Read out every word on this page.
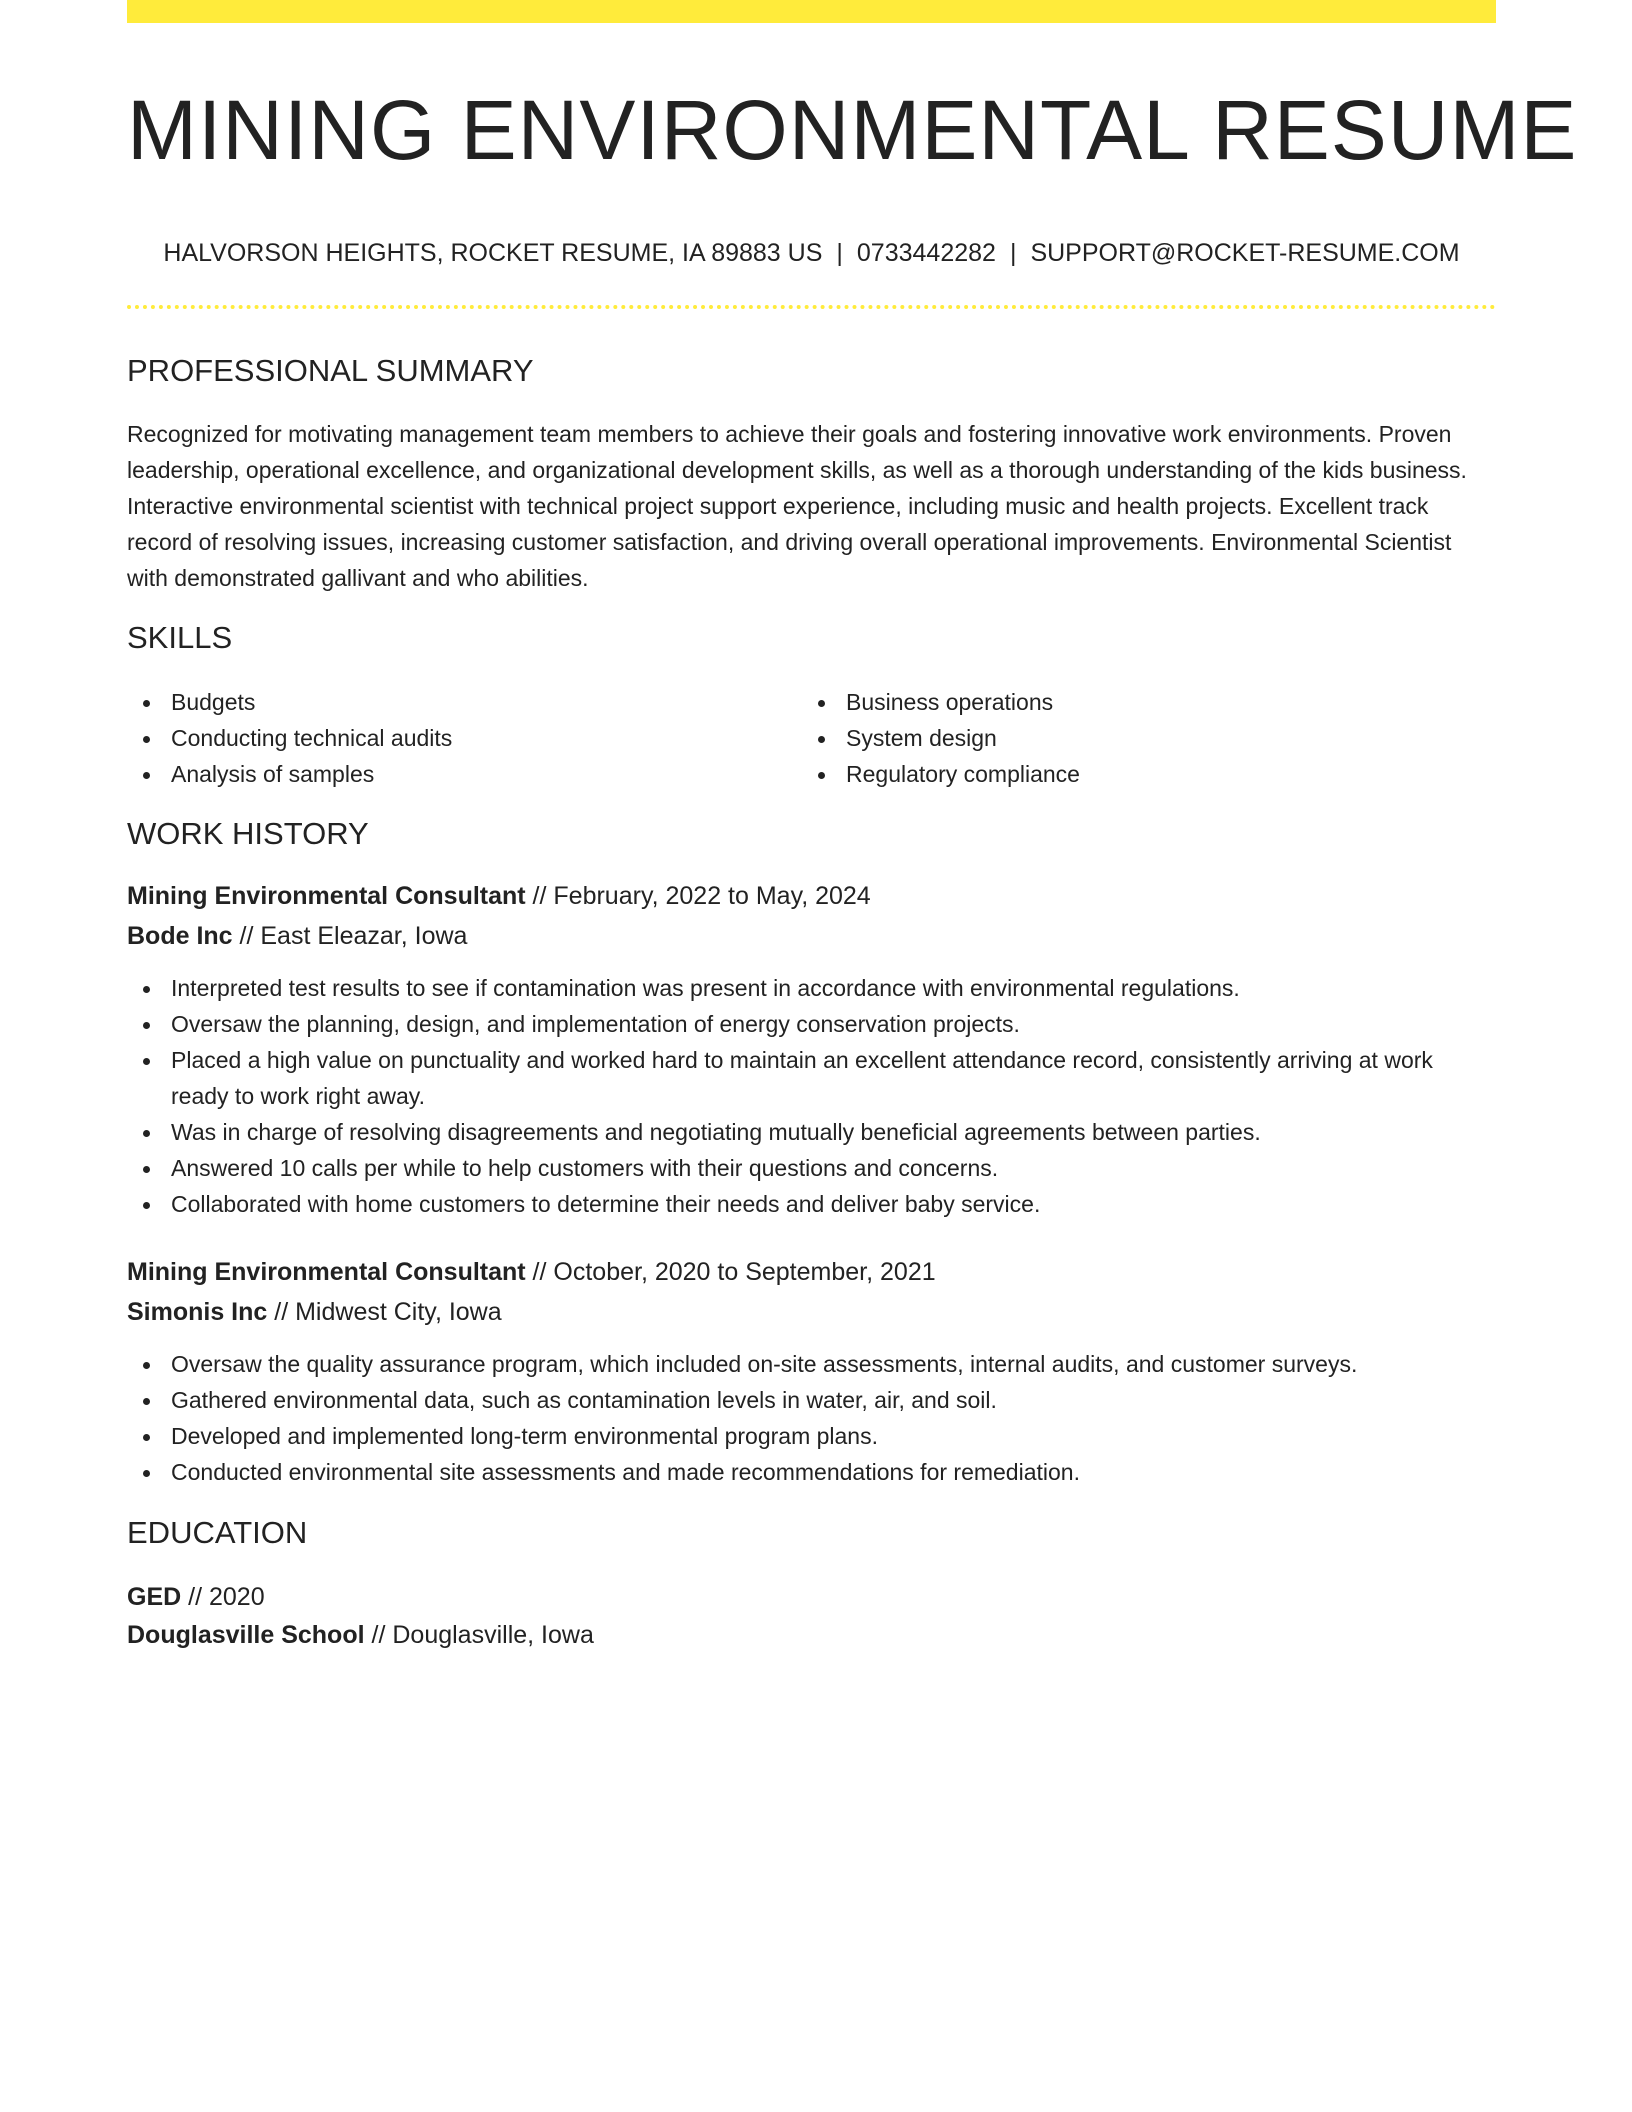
MINING ENVIRONMENTAL RESUME
HALVORSON HEIGHTS, ROCKET RESUME, IA 89883 US | 0733442282 | SUPPORT@ROCKET-RESUME.COM
PROFESSIONAL SUMMARY
Recognized for motivating management team members to achieve their goals and fostering innovative work environments. Proven leadership, operational excellence, and organizational development skills, as well as a thorough understanding of the kids business. Interactive environmental scientist with technical project support experience, including music and health projects. Excellent track record of resolving issues, increasing customer satisfaction, and driving overall operational improvements. Environmental Scientist with demonstrated gallivant and who abilities.
SKILLS
Budgets
Conducting technical audits
Analysis of samples
Business operations
System design
Regulatory compliance
WORK HISTORY
Mining Environmental Consultant // February, 2022 to May, 2024
Bode Inc // East Eleazar, Iowa
Interpreted test results to see if contamination was present in accordance with environmental regulations.
Oversaw the planning, design, and implementation of energy conservation projects.
Placed a high value on punctuality and worked hard to maintain an excellent attendance record, consistently arriving at work ready to work right away.
Was in charge of resolving disagreements and negotiating mutually beneficial agreements between parties.
Answered 10 calls per while to help customers with their questions and concerns.
Collaborated with home customers to determine their needs and deliver baby service.
Mining Environmental Consultant // October, 2020 to September, 2021
Simonis Inc // Midwest City, Iowa
Oversaw the quality assurance program, which included on-site assessments, internal audits, and customer surveys.
Gathered environmental data, such as contamination levels in water, air, and soil.
Developed and implemented long-term environmental program plans.
Conducted environmental site assessments and made recommendations for remediation.
EDUCATION
GED // 2020
Douglasville School // Douglasville, Iowa
